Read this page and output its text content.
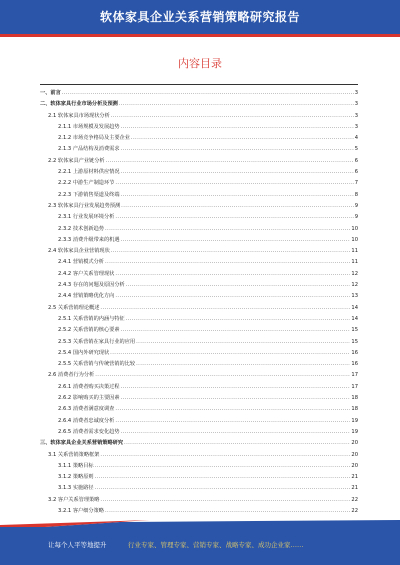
软体家具企业关系营销策略研究报告
内容目录
一、前言 .....	3
二、软体家具行业市场分析及预测 .....	3
2.1 软体家具市场现状分析 .....	3
2.1.1 市场规模及发展趋势 .....	3
2.1.2 市场竞争格局及主要企业 .....	4
2.1.3 产品结构及消费需求 .....	5
2.2 软体家具产业链分析 .....	6
2.2.1 上游原材料供应情况 .....	6
2.2.2 中游生产制造环节 .....	7
2.2.3 下游销售渠道及终端 .....	8
2.3 软体家具行业发展趋势预测 .....	9
2.3.1 行业发展环境分析 .....	9
2.3.2 技术创新趋势 .....	10
2.3.3 消费升级带来的机遇 .....	10
2.4 软体家具企业营销现状 .....	11
2.4.1 营销模式分析 .....	11
2.4.2 客户关系管理现状 .....	12
2.4.3 存在的问题及原因分析 .....	12
2.4.4 营销策略优化方向 .....	13
2.5 关系营销理论概述 .....	14
2.5.1 关系营销的内涵与特征 .....	14
2.5.2 关系营销的核心要素 .....	15
2.5.3 关系营销在家具行业的应用 .....	15
2.5.4 国内外研究现状 .....	16
2.5.5 关系营销与传统营销的比较 .....	16
2.6 消费者行为分析 .....	17
2.6.1 消费者购买决策过程 .....	17
2.6.2 影响购买的主要因素 .....	18
2.6.3 消费者满意度调查 .....	18
2.6.4 消费者忠诚度分析 .....	19
2.6.5 消费者需求变化趋势 .....	19
三、软体家具企业关系营销策略研究 .....	20
3.1 关系营销策略框架 .....	20
3.1.1 策略目标 .....	20
3.1.2 策略原则 .....	21
3.1.3 实施路径 .....	21
3.2 客户关系管理策略 .....	22
3.2.1 客户细分策略 .....	22
让每个人平等地提升	行业专家、管理专家、营销专家、战略专家、成功企业家……
